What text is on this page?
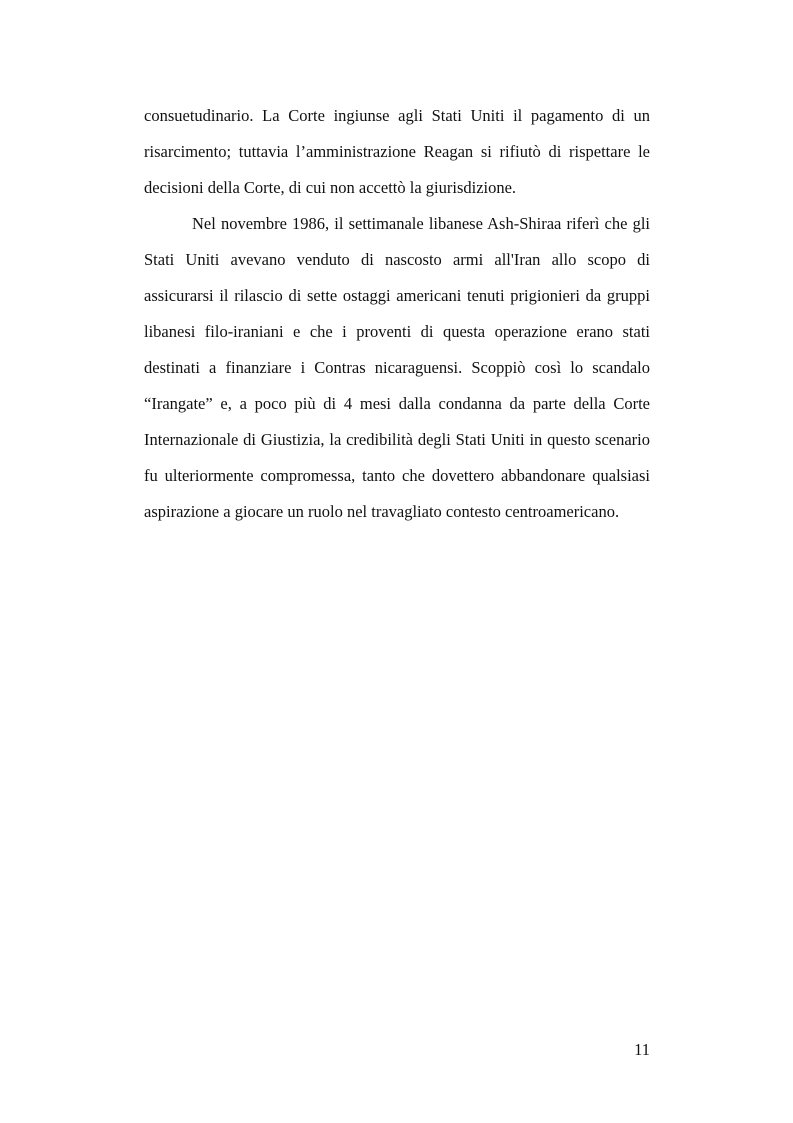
consuetudinario. La Corte ingiunse agli Stati Uniti il pagamento di un risarcimento; tuttavia l’amministrazione Reagan si rifiutò di rispettare le decisioni della Corte, di cui non accettò la giurisdizione.

Nel novembre 1986, il settimanale libanese Ash-Shiraa riferì che gli Stati Uniti avevano venduto di nascosto armi all'Iran allo scopo di assicurarsi il rilascio di sette ostaggi americani tenuti prigionieri da gruppi libanesi filo-iraniani e che i proventi di questa operazione erano stati destinati a finanziare i Contras nicaraguensi. Scoppiò così lo scandalo “Irangate” e, a poco più di 4 mesi dalla condanna da parte della Corte Internazionale di Giustizia, la credibilità degli Stati Uniti in questo scenario fu ulteriormente compromessa, tanto che dovettero abbandonare qualsiasi aspirazione a giocare un ruolo nel travagliato contesto centroamericano.

11
